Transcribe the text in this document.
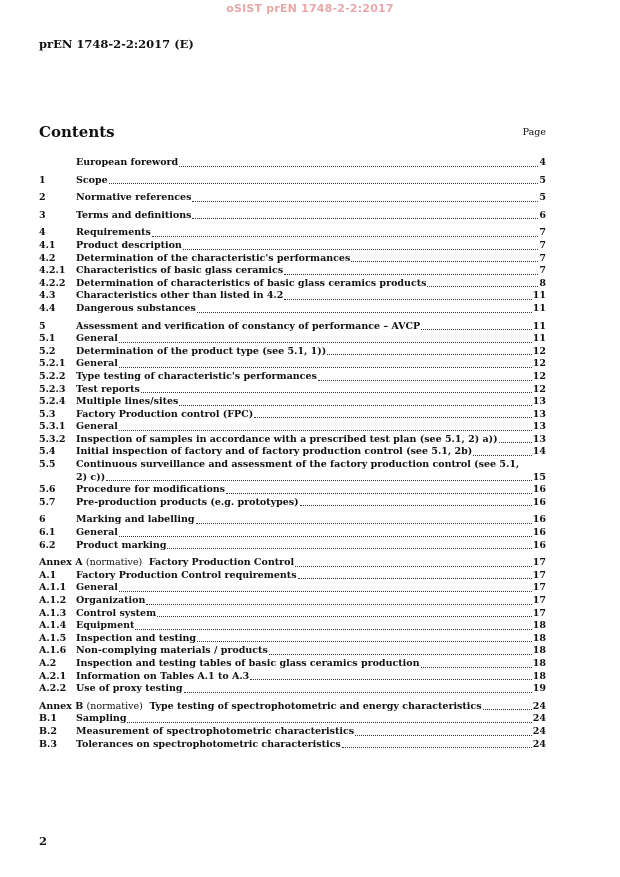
oSIST prEN 1748-2-2:2017
prEN 1748-2-2:2017 (E)
Contents	Page
European foreword	4
1	Scope	5
2	Normative references	5
3	Terms and definitions	6
4	Requirements	7
4.1	Product description	7
4.2	Determination of the characteristic's performances	7
4.2.1	Characteristics of basic glass ceramics	7
4.2.2	Determination of characteristics of basic glass ceramics products	8
4.3	Characteristics other than listed in 4.2	11
4.4	Dangerous substances	11
5	Assessment and verification of constancy of performance – AVCP	11
5.1	General	11
5.2	Determination of the product type (see 5.1, 1))	12
5.2.1	General	12
5.2.2	Type testing of characteristic's performances	12
5.2.3	Test reports	12
5.2.4	Multiple lines/sites	13
5.3	Factory Production control (FPC)	13
5.3.1	General	13
5.3.2	Inspection of samples in accordance with a prescribed test plan (see 5.1, 2) a))	13
5.4	Initial inspection of factory and of factory production control (see 5.1, 2b)	14
5.5	Continuous surveillance and assessment of the factory production control (see 5.1,
2) c))	15
5.6	Procedure for modifications	16
5.7	Pre-production products (e.g. prototypes)	16
6	Marking and labelling	16
6.1	General	16
6.2	Product marking	16
Annex A (normative) Factory Production Control	17
A.1	Factory Production Control requirements	17
A.1.1	General	17
A.1.2	Organization	17
A.1.3	Control system	17
A.1.4	Equipment	18
A.1.5	Inspection and testing	18
A.1.6	Non-complying materials / products	18
A.2	Inspection and testing tables of basic glass ceramics production	18
A.2.1	Information on Tables A.1 to A.3	18
A.2.2	Use of proxy testing	19
Annex B (normative) Type testing of spectrophotometric and energy characteristics	24
B.1	Sampling	24
B.2	Measurement of spectrophotometric characteristics	24
B.3	Tolerances on spectrophotometric characteristics	24
2
